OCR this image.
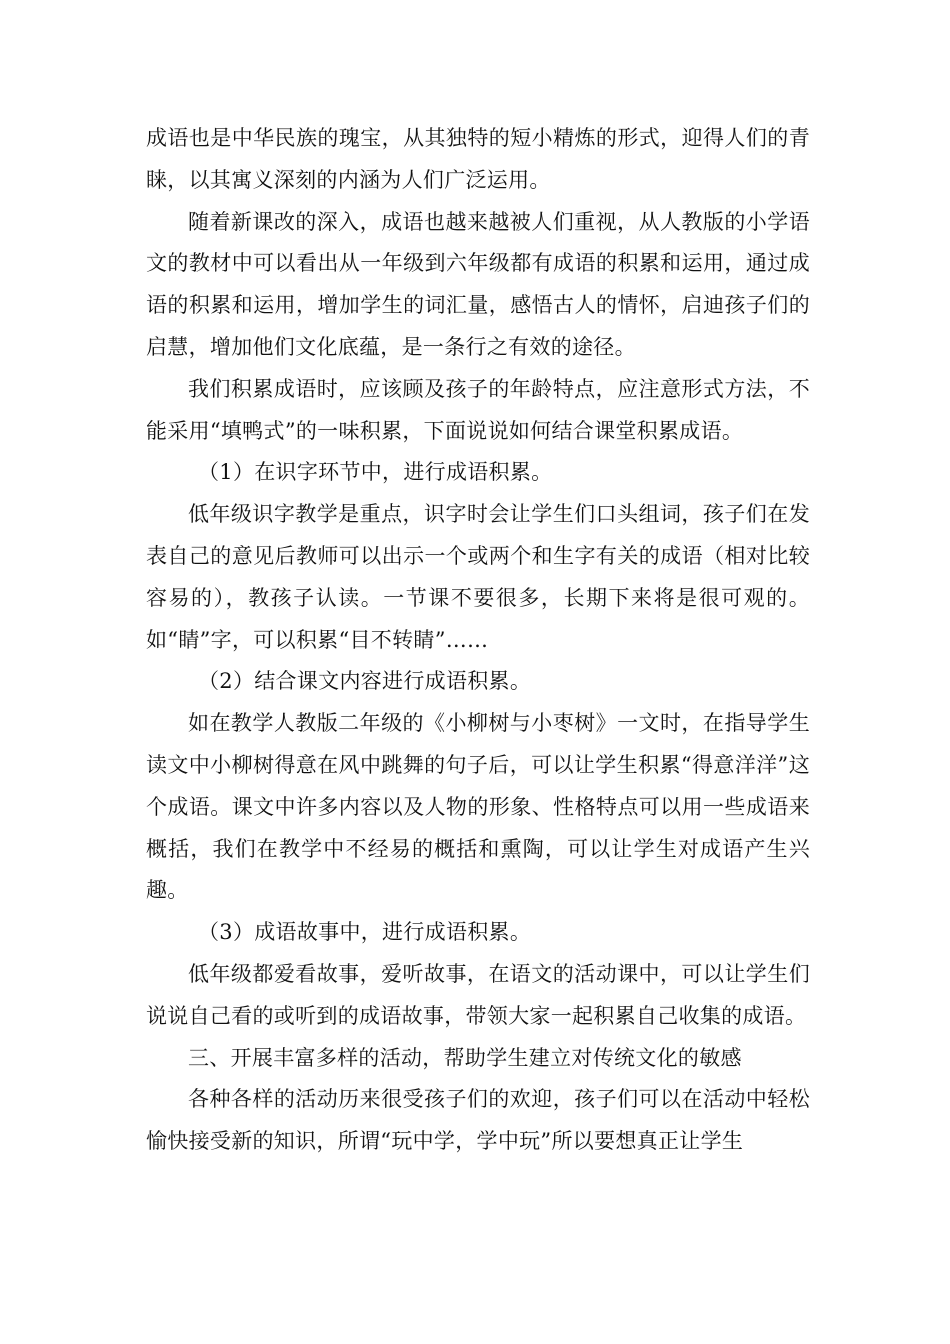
成语也是中华民族的瑰宝，从其独特的短小精炼的形式，迎得人们的青睐，以其寓义深刻的内涵为人们广泛运用。

随着新课改的深入，成语也越来越被人们重视，从人教版的小学语文的教材中可以看出从一年级到六年级都有成语的积累和运用，通过成语的积累和运用，增加学生的词汇量，感悟古人的情怀，启迪孩子们的启慧，增加他们文化底蕴，是一条行之有效的途径。

我们积累成语时，应该顾及孩子的年龄特点，应注意形式方法，不能采用“填鸭式”的一味积累，下面说说如何结合课堂积累成语。

（1）在识字环节中，进行成语积累。

低年级识字教学是重点，识字时会让学生们口头组词，孩子们在发表自己的意见后教师可以出示一个或两个和生字有关的成语（相对比较容易的），教孩子认读。一节课不要很多，长期下来将是很可观的。如“睛”字，可以积累“目不转睛”……

（2）结合课文内容进行成语积累。

如在教学人教版二年级的《小柳树与小枣树》一文时，在指导学生读文中小柳树得意在风中跳舞的句子后，可以让学生积累“得意洋洋”这个成语。课文中许多内容以及人物的形象、性格特点可以用一些成语来概括，我们在教学中不经易的概括和熏陶，可以让学生对成语产生兴趣。

（3）成语故事中，进行成语积累。

低年级都爱看故事，爱听故事，在语文的活动课中，可以让学生们说说自己看的或听到的成语故事，带领大家一起积累自己收集的成语。

三、开展丰富多样的活动，帮助学生建立对传统文化的敏感

各种各样的活动历来很受孩子们的欢迎，孩子们可以在活动中轻松愉快接受新的知识，所谓“玩中学，学中玩”所以要想真正让学生
